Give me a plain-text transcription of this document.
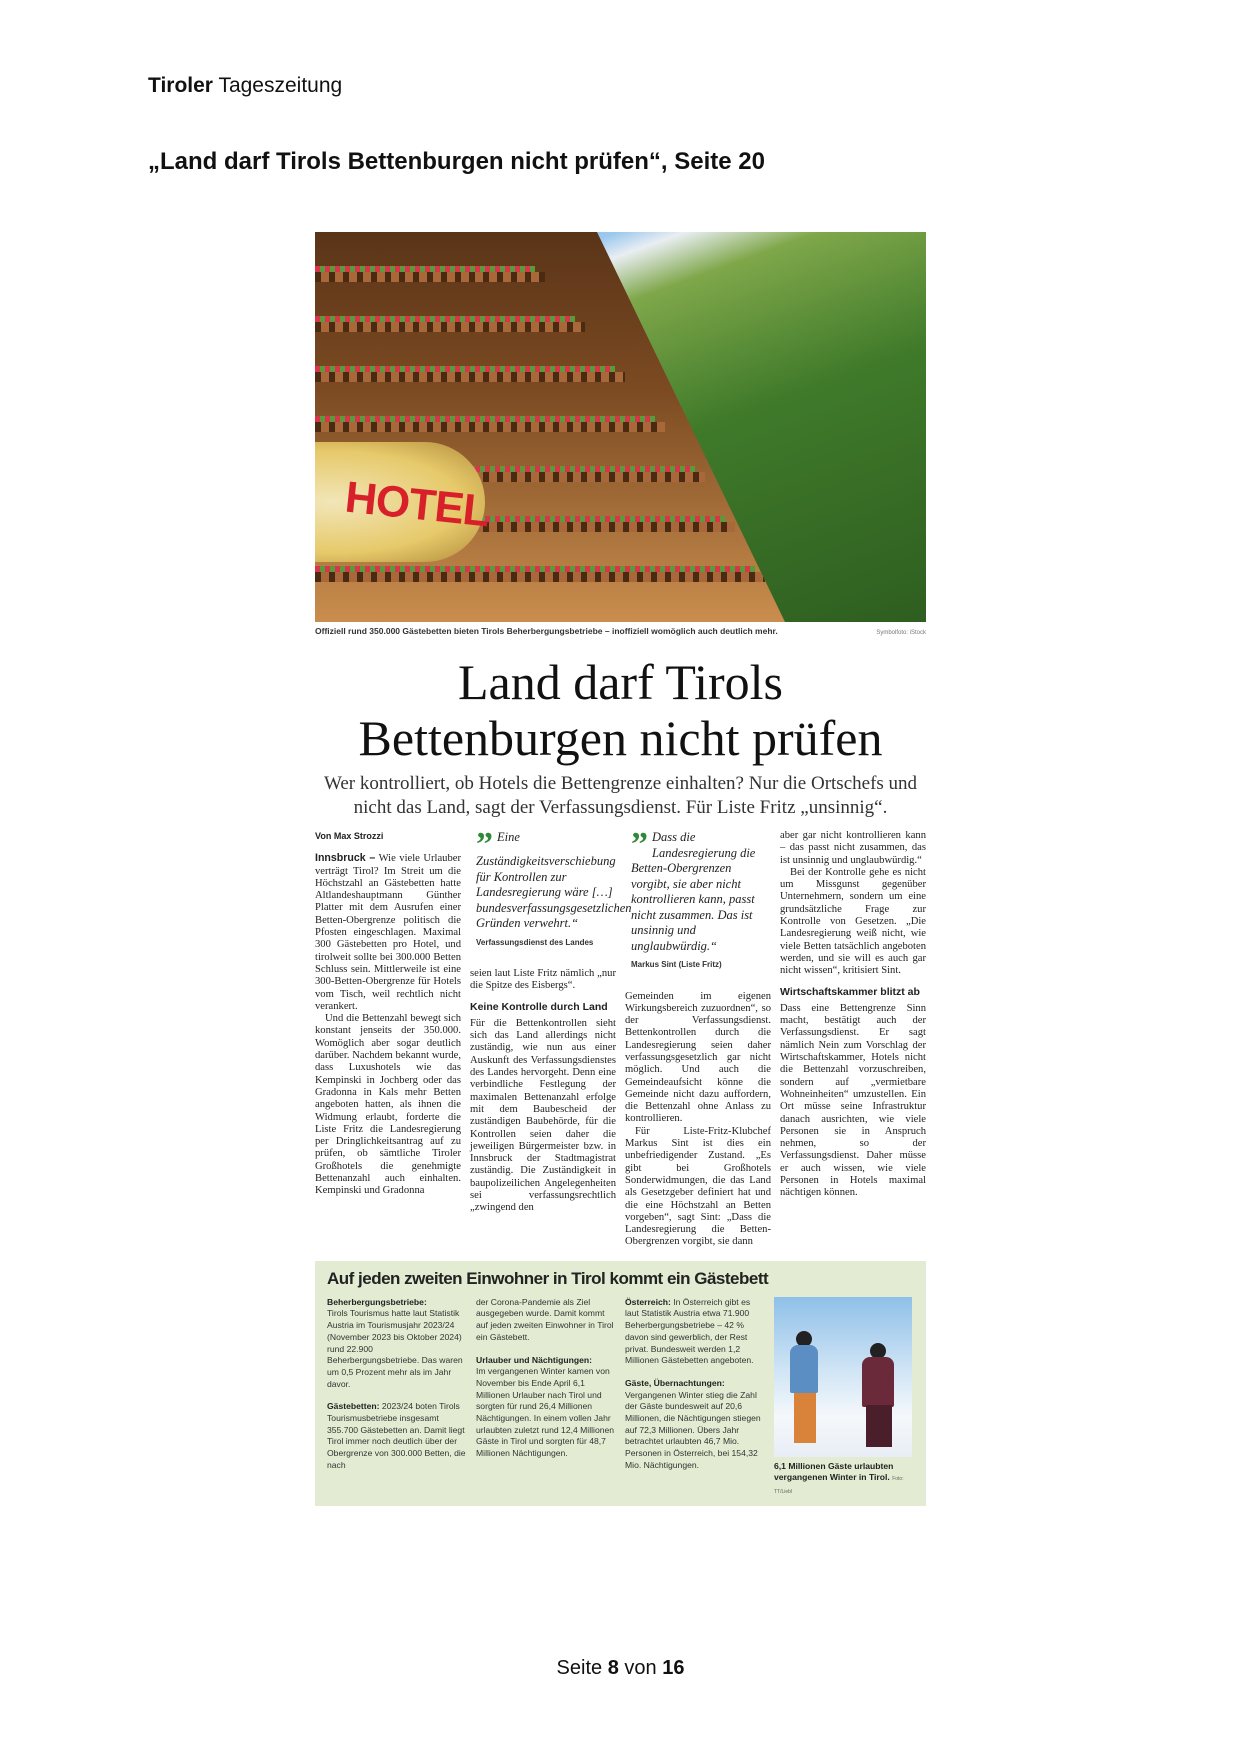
Tiroler Tageszeitung
„Land darf Tirols Bettenburgen nicht prüfen“, Seite 20
HOTEL
Offiziell rund 350.000 Gästebetten bieten Tirols Beherbergungsbetriebe – inoffiziell womöglich auch deutlich mehr.	Symbolfoto: iStock
Land darf Tirols
Bettenburgen nicht prüfen
Wer kontrolliert, ob Hotels die Bettengrenze einhalten? Nur die Ortschefs und nicht das Land, sagt der Verfassungsdienst. Für Liste Fritz „unsinnig“.
Von Max Strozzi

Innsbruck – Wie viele Urlauber verträgt Tirol? Im Streit um die Höchstzahl an Gästebetten hatte Altlandeshauptmann Günther Platter mit dem Ausrufen einer Betten-Obergrenze politisch die Pfosten eingeschlagen. Maximal 300 Gästebetten pro Hotel, und tirolweit sollte bei 300.000 Betten Schluss sein. Mittlerweile ist eine 300-Betten-Obergrenze für Hotels vom Tisch, weil rechtlich nicht verankert.

Und die Bettenzahl bewegt sich konstant jenseits der 350.000. Womöglich aber sogar deutlich darüber. Nachdem bekannt wurde, dass Luxushotels wie das Kempinski in Jochberg oder das Gradonna in Kals mehr Betten angeboten hatten, als ihnen die Widmung erlaubt, forderte die Liste Fritz die Landesregierung per Dringlichkeitsantrag auf zu prüfen, ob sämtliche Tiroler Großhotels die genehmigte Bettenanzahl auch einhalten. Kempinski und Gradonna

” Eine Zuständigkeitsverschiebung für Kontrollen zur Landesregierung wäre […] bundesverfassungsgesetzlichen Gründen verwehrt.“
Verfassungsdienst des Landes

seien laut Liste Fritz nämlich „nur die Spitze des Eisbergs“.

Keine Kontrolle durch Land

Für die Bettenkontrollen sieht sich das Land allerdings nicht zuständig, wie nun aus einer Auskunft des Verfassungsdienstes des Landes hervorgeht. Denn eine verbindliche Festlegung der maximalen Bettenanzahl erfolge mit dem Baubescheid der zuständigen Baubehörde, für die Kontrollen seien daher die jeweiligen Bürgermeister bzw. in Innsbruck der Stadtmagistrat zuständig. Die Zuständigkeit in baupolizeilichen Angelegenheiten sei verfassungsrechtlich „zwingend den

” Dass die Landesregierung die Betten-Obergrenzen vorgibt, sie aber nicht kontrollieren kann, passt nicht zusammen. Das ist unsinnig und unglaubwürdig.“
Markus Sint (Liste Fritz)

Gemeinden im eigenen Wirkungsbereich zuzuordnen“, so der Verfassungsdienst. Bettenkontrollen durch die Landesregierung seien daher verfassungsgesetzlich gar nicht möglich. Und auch die Gemeindeaufsicht könne die Gemeinde nicht dazu auffordern, die Bettenzahl ohne Anlass zu kontrollieren.

Für Liste-Fritz-Klubchef Markus Sint ist dies ein unbefriedigender Zustand. „Es gibt bei Großhotels Sonderwidmungen, die das Land als Gesetzgeber definiert hat und die eine Höchstzahl an Betten vorgeben“, sagt Sint: „Dass die Landesregierung die Betten-Obergrenzen vorgibt, sie dann

aber gar nicht kontrollieren kann – das passt nicht zusammen, das ist unsinnig und unglaubwürdig.“

Bei der Kontrolle gehe es nicht um Missgunst gegenüber Unternehmern, sondern um eine grundsätzliche Frage zur Kontrolle von Gesetzen. „Die Landesregierung weiß nicht, wie viele Betten tatsächlich angeboten werden, und sie will es auch gar nicht wissen“, kritisiert Sint.

Wirtschaftskammer blitzt ab

Dass eine Bettengrenze Sinn macht, bestätigt auch der Verfassungsdienst. Er sagt nämlich Nein zum Vorschlag der Wirtschaftskammer, Hotels nicht die Bettenzahl vorzuschreiben, sondern auf „vermietbare Wohneinheiten“ umzustellen. Ein Ort müsse seine Infrastruktur danach ausrichten, wie viele Personen sie in Anspruch nehmen, so der Verfassungsdienst. Daher müsse er auch wissen, wie viele Personen in Hotels maximal nächtigen können.

Auf jeden zweiten Einwohner in Tirol kommt ein Gästebett

Beherbergungsbetriebe:
Tirols Tourismus hatte laut Statistik Austria im Tourismusjahr 2023/24 (November 2023 bis Oktober 2024) rund 22.900 Beherbergungsbetriebe. Das waren um 0,5 Prozent mehr als im Jahr davor.

Gästebetten: 2023/24 boten Tirols Tourismusbetriebe insgesamt 355.700 Gästebetten an. Damit liegt Tirol immer noch deutlich über der Obergrenze von 300.000 Betten, die nach

der Corona-Pandemie als Ziel ausgegeben wurde. Damit kommt auf jeden zweiten Einwohner in Tirol ein Gästebett.

Urlauber und Nächtigungen:
Im vergangenen Winter kamen von November bis Ende April 6,1 Millionen Urlauber nach Tirol und sorgten für rund 26,4 Millionen Nächtigungen. In einem vollen Jahr urlaubten zuletzt rund 12,4 Millionen Gäste in Tirol und sorgten für 48,7 Millionen Nächtigungen.

Österreich: In Österreich gibt es laut Statistik Austria etwa 71.900 Beherbergungsbetriebe – 42 % davon sind gewerblich, der Rest privat. Bundesweit werden 1,2 Millionen Gästebetten angeboten.

Gäste, Übernachtungen:
Vergangenen Winter stieg die Zahl der Gäste bundesweit auf 20,6 Millionen, die Nächtigungen stiegen auf 72,3 Millionen. Übers Jahr betrachtet urlaubten 46,7 Mio. Personen in Österreich, bei 154,32 Mio. Nächtigungen.	6,1 Millionen Gäste urlaubten vergangenen Winter in Tirol. Foto: TT/Liebl
Seite 8 von 16
